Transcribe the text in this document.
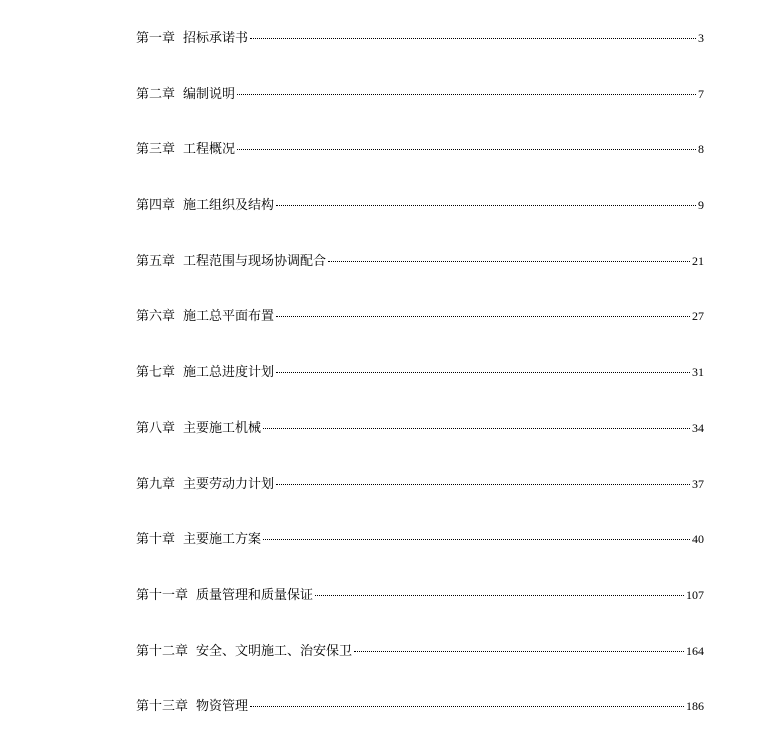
第一章 招标承诺书	3
第二章 编制说明	7
第三章 工程概况	8
第四章 施工组织及结构	9
第五章 工程范围与现场协调配合	21
第六章 施工总平面布置	27
第七章 施工总进度计划	31
第八章 主要施工机械	34
第九章 主要劳动力计划	37
第十章 主要施工方案	40
第十一章 质量管理和质量保证	107
第十二章 安全、文明施工、治安保卫	164
第十三章 物资管理	186
